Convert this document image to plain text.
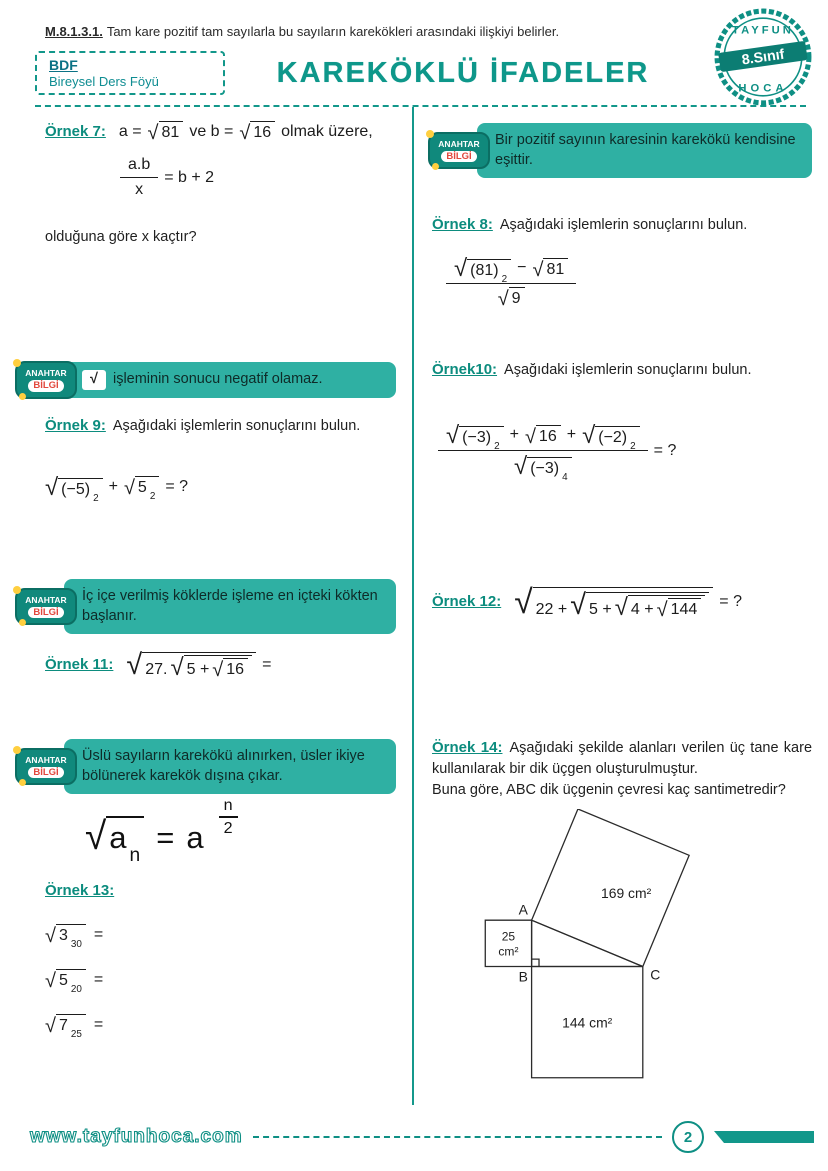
M.8.1.3.1. Tam kare pozitif tam sayılarla bu sayıların karekökleri arasındaki ilişkiyi belirler.
BDF
Bireysel Ders Föyü	KAREKÖKLÜ İFADELER
TAYFUN
8.Sınıf
HOCA
Örnek 7: a = √ 81 ve b = √ 16 olmak üzere,
$\frac{a.b}{x} = b + 2$

olduğuna göre x kaçtır?

ANAHTAR
BİLGİ
Bir pozitif sayının karesinin karekökü kendisine eşittir.
Örnek 8: Aşağıdaki işlemlerin sonuçlarını bulun.
√ (81)
2
− √ 81
√ 9
ANAHTAR
BİLGİ	√ işleminin sonucu negatif olamaz.
Örnek 9: Aşağıdaki işlemlerin sonuçlarını bulun.
√ (−5)
2
+ √ 5
2
= ?
Örnek10: Aşağıdaki işlemlerin sonuçlarını bulun.
√ (−3)
2
+ √ 16 + √ (−2)
2
√ (−3)
4
= ?
ANAHTAR
BİLGİ
İç içe verilmiş köklerde işleme en içteki kökten başlanır.
Örnek 11: √ 27. √ 5 + √ 16 =
Örnek 12: √ 22 + √ 5 + √ 4 + √ 144 = ?
ANAHTAR
BİLGİ
Üslü sayıların karekökü alınırken, üsler ikiye bölünerek karekök dışına çıkar.
√ a
n
= a $\frac{n}{2}$
Örnek 13:
√ 3
30
=
√ 5
20
=
√ 7
25
=

Örnek 14: Aşağıdaki şekilde alanları verilen üç tane kare kullanılarak bir dik üçgen oluşturulmuştur.

Buna göre, ABC dik üçgenin çevresi kaç santimetredir?

169 cm²
25
cm²
144 cm²
A
B	C
www.tayfunhoca.com	2
